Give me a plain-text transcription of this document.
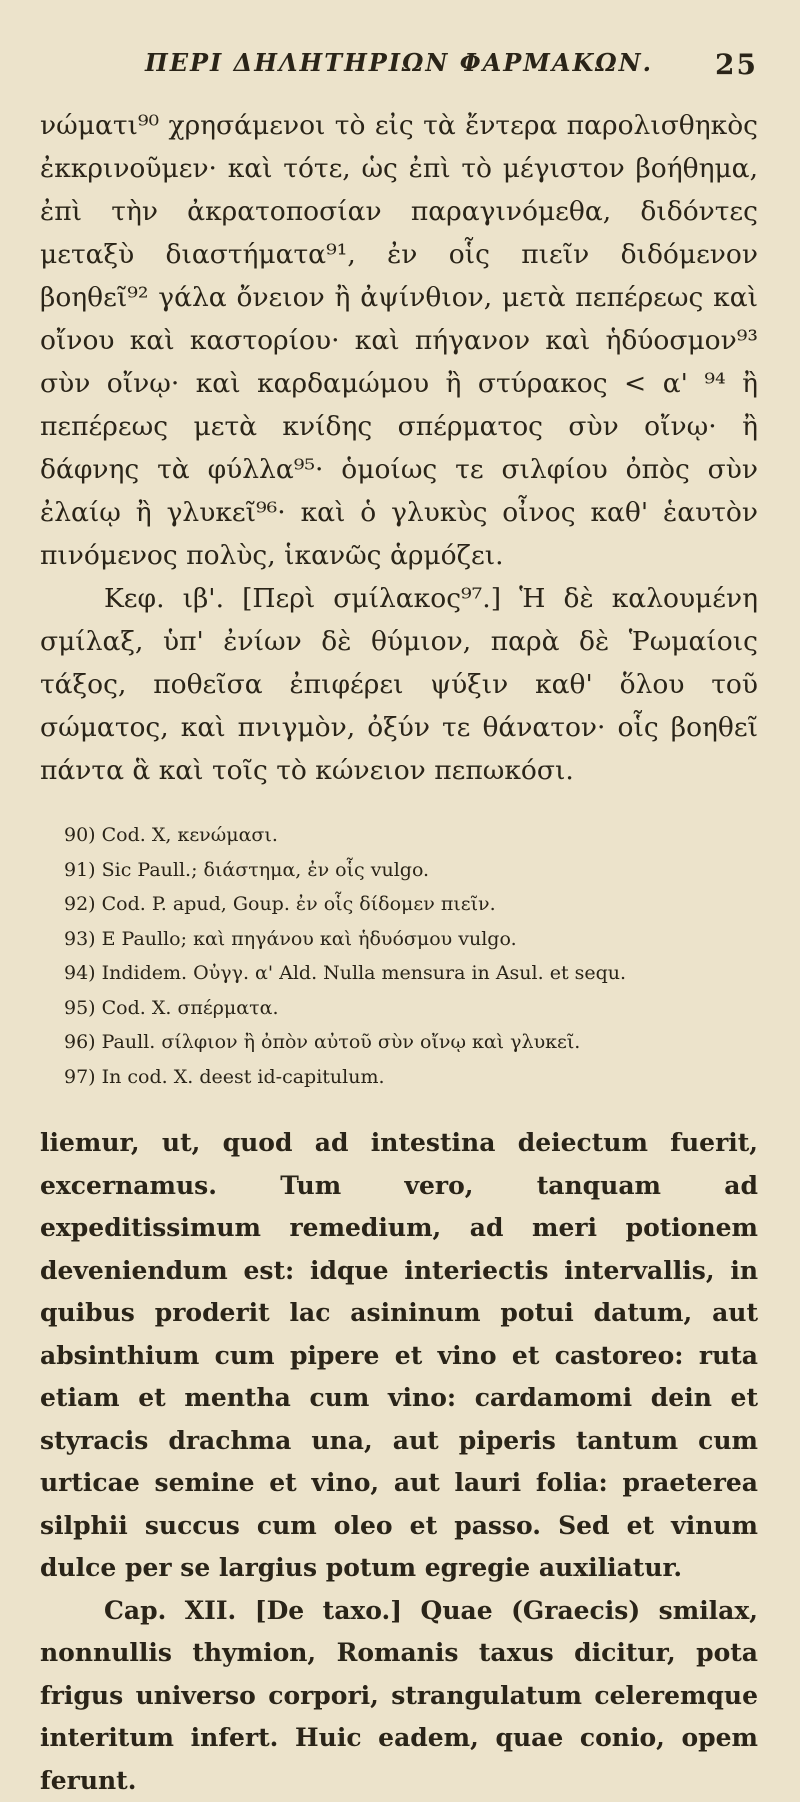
ΠΕΡΙ ΔΗΛΗΤΗΡΙΩΝ ΦΑΡΜΑΚΩΝ. 25

νώματι⁹⁰ χρησάμενοι τὸ εἰς τὰ ἔντερα παρολισθηκὸς ἐκκρινοῦμεν· καὶ τότε, ὡς ἐπὶ τὸ μέγιστον βοήθημα, ἐπὶ τὴν ἀκρατοποσίαν παραγινόμεθα, διδόντες μεταξὺ διαστήματα⁹¹, ἐν οἷς πιεῖν διδόμενον βοηθεῖ⁹² γάλα ὄνειον ἢ ἀψίνθιον, μετὰ πεπέρεως καὶ οἴνου καὶ καστορίου· καὶ πήγανον καὶ ἡδύοσμον⁹³ σὺν οἴνῳ· καὶ καρδαμώμου ἢ στύρακος < α' ⁹⁴ ἢ πεπέρεως μετὰ κνίδης σπέρματος σὺν οἴνῳ· ἢ δάφνης τὰ φύλλα⁹⁵· ὁμοίως τε σιλφίου ὀπὸς σὺν ἐλαίῳ ἢ γλυκεῖ⁹⁶· καὶ ὁ γλυκὺς οἶνος καθ' ἑαυτὸν πινόμενος πολὺς, ἱκανῶς ἁρμόζει.

Κεφ. ιβ'. [Περὶ σμίλακος⁹⁷.] Ἡ δὲ καλουμένη σμίλαξ, ὑπ' ἐνίων δὲ θύμιον, παρὰ δὲ Ῥωμαίοις τάξος, ποθεῖσα ἐπιφέρει ψύξιν καθ' ὅλου τοῦ σώματος, καὶ πνιγμὸν, ὀξύν τε θάνατον· οἷς βοηθεῖ πάντα ἃ καὶ τοῖς τὸ κώνειον πεπωκόσι.

90) Cod. X, κενώμασι.

91) Sic Paull.; διάστημα, ἐν οἷς vulgo.

92) Cod. P. apud, Goup. ἐν οἷς δίδομεν πιεῖν.

93) E Paullo; καὶ πηγάνου καὶ ἡδυόσμου vulgo.

94) Indidem. Οὐγγ. α' Ald. Nulla mensura in Asul. et sequ.

95) Cod. X. σπέρματα.

96) Paull. σίλφιον ἢ ὀπὸν αὐτοῦ σὺν οἴνῳ καὶ γλυκεῖ.

97) In cod. X. deest id-capitulum.

liemur, ut, quod ad intestina deiectum fuerit, excernamus. Tum vero, tanquam ad expeditissimum remedium, ad meri potionem deveniendum est: idque interiectis intervallis, in quibus proderit lac asininum potui datum, aut absinthium cum pipere et vino et castoreo: ruta etiam et mentha cum vino: cardamomi dein et styracis drachma una, aut piperis tantum cum urticae semine et vino, aut lauri folia: praeterea silphii succus cum oleo et passo. Sed et vinum dulce per se largius potum egregie auxiliatur.

Cap. XII. [De taxo.] Quae (Graecis) smilax, nonnullis thymion, Romanis taxus dicitur, pota frigus universo corpori, strangulatum celeremque interitum infert. Huic eadem, quae conio, opem ferunt.
